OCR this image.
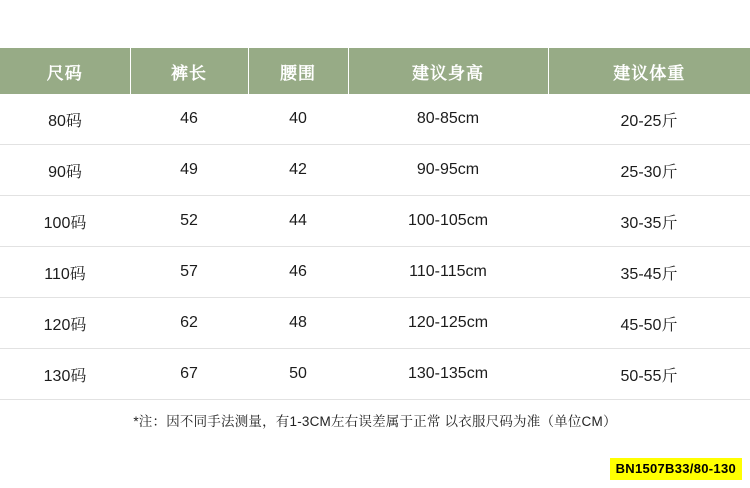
尺码	裤长	腰围	建议身高	建议体重
80码	46	40	80-85cm	20-25斤
90码	49	42	90-95cm	25-30斤
100码	52	44	100-105cm	30-35斤
110码	57	46	110-115cm	35-45斤
120码	62	48	120-125cm	45-50斤
130码	67	50	130-135cm	50-55斤
*注：因不同手法测量，有1-3CM左右误差属于正常 以衣服尺码为准（单位CM）
BN1507B33/80-130
